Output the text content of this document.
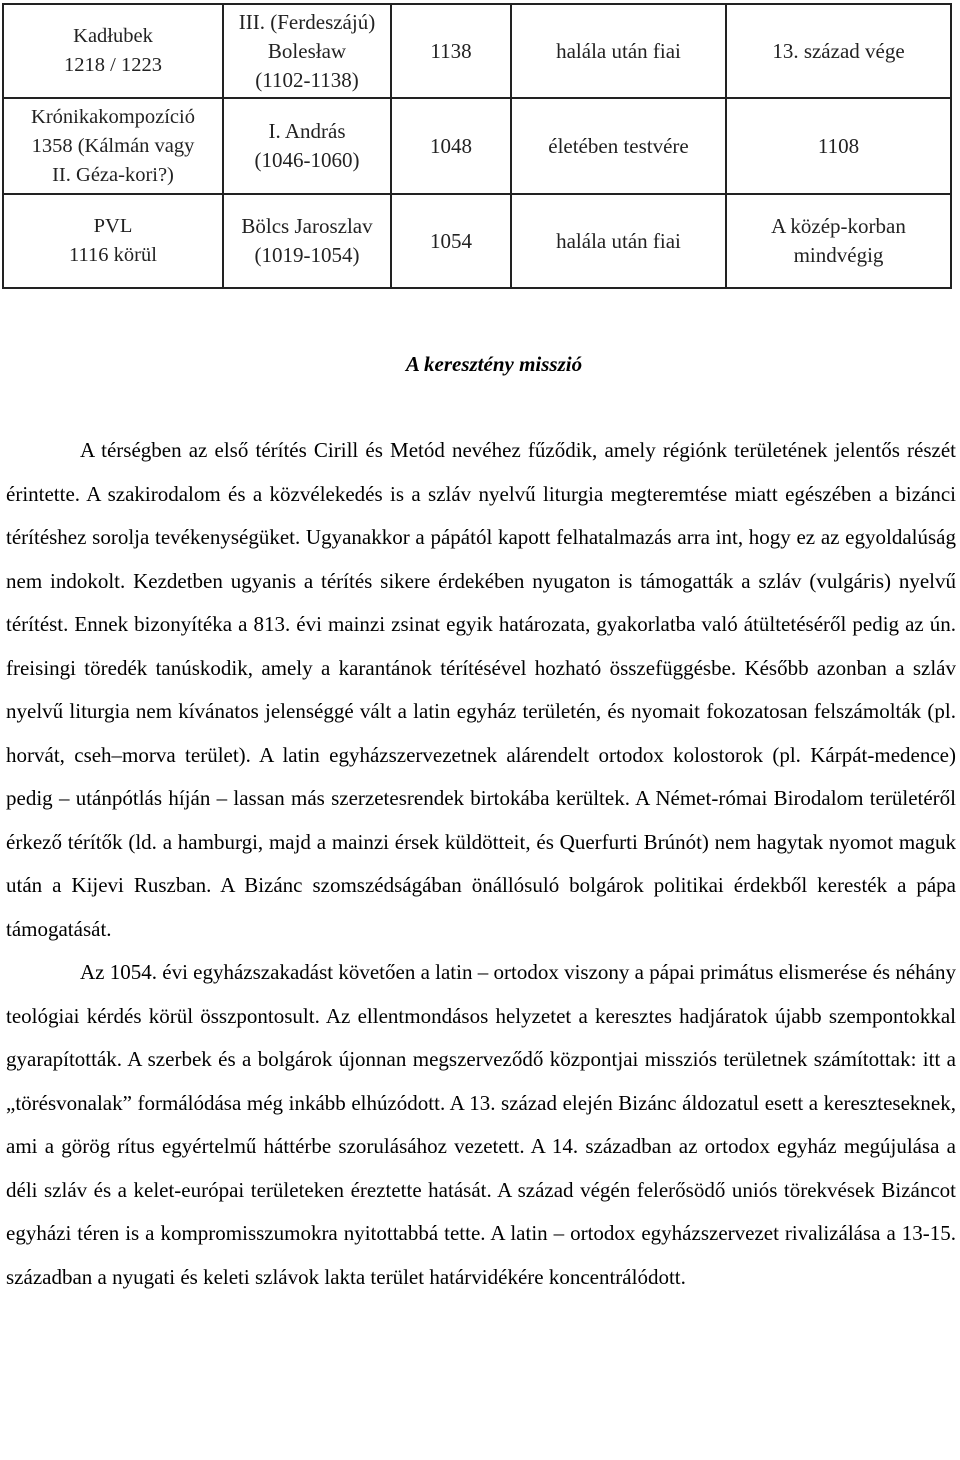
Kadłubek
1218 / 1223	III. (Ferdeszájú)
Bolesław
(1102-1138)	1138	halála után fiai	13. század vége

Krónikakompozíció
1358 (Kálmán vagy
II. Géza-kori?)	I. András
(1046-1060)	1048	életében testvére	1108

PVL
1116 körül	Bölcs Jaroszlav
(1019-1054)	1054	halála után fiai	A közép-korban
mindvégig
A keresztény misszió

A térségben az első térítés Cirill és Metód nevéhez fűződik, amely régiónk területének jelentős részét érintette. A szakirodalom és a közvélekedés is a szláv nyelvű liturgia megteremtése miatt egészében a bizánci térítéshez sorolja tevékenységüket. Ugyanakkor a pápától kapott felhatalmazás arra int, hogy ez az egyoldalúság nem indokolt. Kezdetben ugyanis a térítés sikere érdekében nyugaton is támogatták a szláv (vulgáris) nyelvű térítést. Ennek bizonyítéka a 813. évi mainzi zsinat egyik határozata, gyakorlatba való átültetéséről pedig az ún. freisingi töredék tanúskodik, amely a karantánok térítésével hozható összefüggésbe. Később azonban a szláv nyelvű liturgia nem kívánatos jelenséggé vált a latin egyház területén, és nyomait fokozatosan felszámolták (pl. horvát, cseh–morva terület). A latin egyházszervezetnek alárendelt ortodox kolostorok (pl. Kárpát-medence) pedig – utánpótlás híján – lassan más szerzetesrendek birtokába kerültek. A Német-római Birodalom területéről érkező térítők (ld. a hamburgi, majd a mainzi érsek küldötteit, és Querfurti Brúnót) nem hagytak nyomot maguk után a Kijevi Ruszban. A Bizánc szomszédságában önállósuló bolgárok politikai érdekből keresték a pápa támogatását.

Az 1054. évi egyházszakadást követően a latin – ortodox viszony a pápai primátus elismerése és néhány teológiai kérdés körül összpontosult. Az ellentmondásos helyzetet a keresztes hadjáratok újabb szempontokkal gyarapították. A szerbek és a bolgárok újonnan megszerveződő központjai missziós területnek számítottak: itt a „törésvonalak” formálódása még inkább elhúzódott. A 13. század elején Bizánc áldozatul esett a kereszteseknek, ami a görög rítus egyértelmű háttérbe szorulásához vezetett. A 14. században az ortodox egyház megújulása a déli szláv és a kelet-európai területeken éreztette hatását. A század végén felerősödő uniós törekvések Bizáncot egyházi téren is a kompromisszumokra nyitottabbá tette. A latin – ortodox egyházszervezet rivalizálása a 13-15. században a nyugati és keleti szlávok lakta terület határvidékére koncentrálódott.
